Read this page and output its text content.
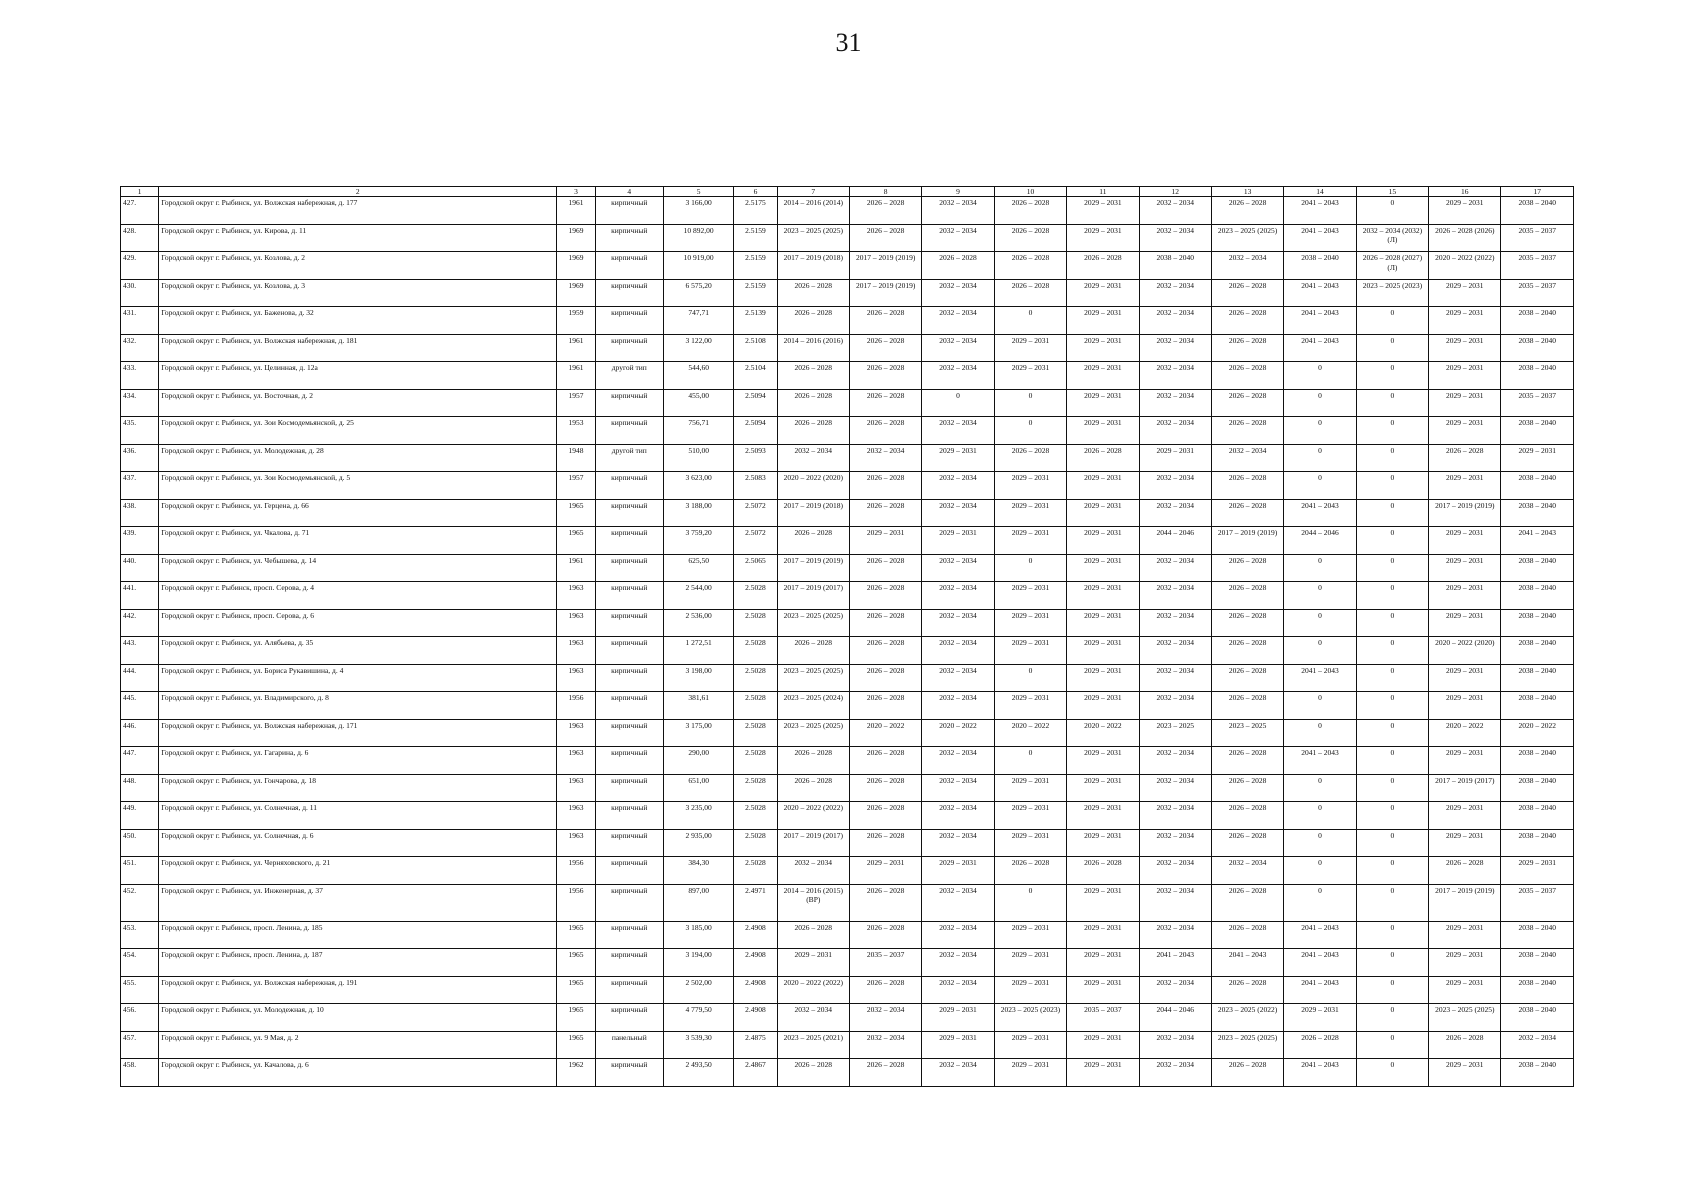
31
1	2	3	4	5	6	7	8	9	10	11	12	13	14	15	16	17
427.	Городской округ г. Рыбинск, ул. Волжская набережная, д. 177	1961	кирпичный	3 166,00	2.5175	2014 – 2016 (2014)	2026 – 2028	2032 – 2034	2026 – 2028	2029 – 2031	2032 – 2034	2026 – 2028	2041 – 2043	0	2029 – 2031	2038 – 2040
428.	Городской округ г. Рыбинск, ул. Кирова, д. 11	1969	кирпичный	10 892,00	2.5159	2023 – 2025 (2025)	2026 – 2028	2032 – 2034	2026 – 2028	2029 – 2031	2032 – 2034	2023 – 2025 (2025)	2041 – 2043	2032 – 2034 (2032) (Л)	2026 – 2028 (2026)	2035 – 2037
429.	Городской округ г. Рыбинск, ул. Козлова, д. 2	1969	кирпичный	10 919,00	2.5159	2017 – 2019 (2018)	2017 – 2019 (2019)	2026 – 2028	2026 – 2028	2026 – 2028	2038 – 2040	2032 – 2034	2038 – 2040	2026 – 2028 (2027) (Л)	2020 – 2022 (2022)	2035 – 2037
430.	Городской округ г. Рыбинск, ул. Козлова, д. 3	1969	кирпичный	6 575,20	2.5159	2026 – 2028	2017 – 2019 (2019)	2032 – 2034	2026 – 2028	2029 – 2031	2032 – 2034	2026 – 2028	2041 – 2043	2023 – 2025 (2023)	2029 – 2031	2035 – 2037
431.	Городской округ г. Рыбинск, ул. Баженова, д. 32	1959	кирпичный	747,71	2.5139	2026 – 2028	2026 – 2028	2032 – 2034	0	2029 – 2031	2032 – 2034	2026 – 2028	2041 – 2043	0	2029 – 2031	2038 – 2040
432.	Городской округ г. Рыбинск, ул. Волжская набережная, д. 181	1961	кирпичный	3 122,00	2.5108	2014 – 2016 (2016)	2026 – 2028	2032 – 2034	2029 – 2031	2029 – 2031	2032 – 2034	2026 – 2028	2041 – 2043	0	2029 – 2031	2038 – 2040
433.	Городской округ г. Рыбинск, ул. Целинная, д. 12а	1961	другой тип	544,60	2.5104	2026 – 2028	2026 – 2028	2032 – 2034	2029 – 2031	2029 – 2031	2032 – 2034	2026 – 2028	0	0	2029 – 2031	2038 – 2040
434.	Городской округ г. Рыбинск, ул. Восточная, д. 2	1957	кирпичный	455,00	2.5094	2026 – 2028	2026 – 2028	0	0	2029 – 2031	2032 – 2034	2026 – 2028	0	0	2029 – 2031	2035 – 2037
435.	Городской округ г. Рыбинск, ул. Зои Космодемьянской, д. 25	1953	кирпичный	756,71	2.5094	2026 – 2028	2026 – 2028	2032 – 2034	0	2029 – 2031	2032 – 2034	2026 – 2028	0	0	2029 – 2031	2038 – 2040
436.	Городской округ г. Рыбинск, ул. Молодежная, д. 28	1948	другой тип	510,00	2.5093	2032 – 2034	2032 – 2034	2029 – 2031	2026 – 2028	2026 – 2028	2029 – 2031	2032 – 2034	0	0	2026 – 2028	2029 – 2031
437.	Городской округ г. Рыбинск, ул. Зои Космодемьянской, д. 5	1957	кирпичный	3 623,00	2.5083	2020 – 2022 (2020)	2026 – 2028	2032 – 2034	2029 – 2031	2029 – 2031	2032 – 2034	2026 – 2028	0	0	2029 – 2031	2038 – 2040
438.	Городской округ г. Рыбинск, ул. Герцена, д. 66	1965	кирпичный	3 188,00	2.5072	2017 – 2019 (2018)	2026 – 2028	2032 – 2034	2029 – 2031	2029 – 2031	2032 – 2034	2026 – 2028	2041 – 2043	0	2017 – 2019 (2019)	2038 – 2040
439.	Городской округ г. Рыбинск, ул. Чкалова, д. 71	1965	кирпичный	3 759,20	2.5072	2026 – 2028	2029 – 2031	2029 – 2031	2029 – 2031	2029 – 2031	2044 – 2046	2017 – 2019 (2019)	2044 – 2046	0	2029 – 2031	2041 – 2043
440.	Городской округ г. Рыбинск, ул. Чебышева, д. 14	1961	кирпичный	625,50	2.5065	2017 – 2019 (2019)	2026 – 2028	2032 – 2034	0	2029 – 2031	2032 – 2034	2026 – 2028	0	0	2029 – 2031	2038 – 2040
441.	Городской округ г. Рыбинск, просп. Серова, д. 4	1963	кирпичный	2 544,00	2.5028	2017 – 2019 (2017)	2026 – 2028	2032 – 2034	2029 – 2031	2029 – 2031	2032 – 2034	2026 – 2028	0	0	2029 – 2031	2038 – 2040
442.	Городской округ г. Рыбинск, просп. Серова, д. 6	1963	кирпичный	2 536,00	2.5028	2023 – 2025 (2025)	2026 – 2028	2032 – 2034	2029 – 2031	2029 – 2031	2032 – 2034	2026 – 2028	0	0	2029 – 2031	2038 – 2040
443.	Городской округ г. Рыбинск, ул. Алябьева, д. 35	1963	кирпичный	1 272,51	2.5028	2026 – 2028	2026 – 2028	2032 – 2034	2029 – 2031	2029 – 2031	2032 – 2034	2026 – 2028	0	0	2020 – 2022 (2020)	2038 – 2040
444.	Городской округ г. Рыбинск, ул. Бориса Рукавишина, д. 4	1963	кирпичный	3 198,00	2.5028	2023 – 2025 (2025)	2026 – 2028	2032 – 2034	0	2029 – 2031	2032 – 2034	2026 – 2028	2041 – 2043	0	2029 – 2031	2038 – 2040
445.	Городской округ г. Рыбинск, ул. Владимирского, д. 8	1956	кирпичный	381,61	2.5028	2023 – 2025 (2024)	2026 – 2028	2032 – 2034	2029 – 2031	2029 – 2031	2032 – 2034	2026 – 2028	0	0	2029 – 2031	2038 – 2040
446.	Городской округ г. Рыбинск, ул. Волжская набережная, д. 171	1963	кирпичный	3 175,00	2.5028	2023 – 2025 (2025)	2020 – 2022	2020 – 2022	2020 – 2022	2020 – 2022	2023 – 2025	2023 – 2025	0	0	2020 – 2022	2020 – 2022
447.	Городской округ г. Рыбинск, ул. Гагарина, д. 6	1963	кирпичный	290,00	2.5028	2026 – 2028	2026 – 2028	2032 – 2034	0	2029 – 2031	2032 – 2034	2026 – 2028	2041 – 2043	0	2029 – 2031	2038 – 2040
448.	Городской округ г. Рыбинск, ул. Гончарова, д. 18	1963	кирпичный	651,00	2.5028	2026 – 2028	2026 – 2028	2032 – 2034	2029 – 2031	2029 – 2031	2032 – 2034	2026 – 2028	0	0	2017 – 2019 (2017)	2038 – 2040
449.	Городской округ г. Рыбинск, ул. Солнечная, д. 11	1963	кирпичный	3 235,00	2.5028	2020 – 2022 (2022)	2026 – 2028	2032 – 2034	2029 – 2031	2029 – 2031	2032 – 2034	2026 – 2028	0	0	2029 – 2031	2038 – 2040
450.	Городской округ г. Рыбинск, ул. Солнечная, д. 6	1963	кирпичный	2 935,00	2.5028	2017 – 2019 (2017)	2026 – 2028	2032 – 2034	2029 – 2031	2029 – 2031	2032 – 2034	2026 – 2028	0	0	2029 – 2031	2038 – 2040
451.	Городской округ г. Рыбинск, ул. Черняховского, д. 21	1956	кирпичный	384,30	2.5028	2032 – 2034	2029 – 2031	2029 – 2031	2026 – 2028	2026 – 2028	2032 – 2034	2032 – 2034	0	0	2026 – 2028	2029 – 2031
452.	Городской округ г. Рыбинск, ул. Инженерная, д. 37	1956	кирпичный	897,00	2.4971	2014 – 2016 (2015) (ВР)	2026 – 2028	2032 – 2034	0	2029 – 2031	2032 – 2034	2026 – 2028	0	0	2017 – 2019 (2019)	2035 – 2037
453.	Городской округ г. Рыбинск, просп. Ленина, д. 185	1965	кирпичный	3 185,00	2.4908	2026 – 2028	2026 – 2028	2032 – 2034	2029 – 2031	2029 – 2031	2032 – 2034	2026 – 2028	2041 – 2043	0	2029 – 2031	2038 – 2040
454.	Городской округ г. Рыбинск, просп. Ленина, д. 187	1965	кирпичный	3 194,00	2.4908	2029 – 2031	2035 – 2037	2032 – 2034	2029 – 2031	2029 – 2031	2041 – 2043	2041 – 2043	2041 – 2043	0	2029 – 2031	2038 – 2040
455.	Городской округ г. Рыбинск, ул. Волжская набережная, д. 191	1965	кирпичный	2 502,00	2.4908	2020 – 2022 (2022)	2026 – 2028	2032 – 2034	2029 – 2031	2029 – 2031	2032 – 2034	2026 – 2028	2041 – 2043	0	2029 – 2031	2038 – 2040
456.	Городской округ г. Рыбинск, ул. Молодежная, д. 10	1965	кирпичный	4 779,50	2.4908	2032 – 2034	2032 – 2034	2029 – 2031	2023 – 2025 (2023)	2035 – 2037	2044 – 2046	2023 – 2025 (2022)	2029 – 2031	0	2023 – 2025 (2025)	2038 – 2040
457.	Городской округ г. Рыбинск, ул. 9 Мая, д. 2	1965	панельный	3 539,30	2.4875	2023 – 2025 (2021)	2032 – 2034	2029 – 2031	2029 – 2031	2029 – 2031	2032 – 2034	2023 – 2025 (2025)	2026 – 2028	0	2026 – 2028	2032 – 2034
458.	Городской округ г. Рыбинск, ул. Качалова, д. 6	1962	кирпичный	2 493,50	2.4867	2026 – 2028	2026 – 2028	2032 – 2034	2029 – 2031	2029 – 2031	2032 – 2034	2026 – 2028	2041 – 2043	0	2029 – 2031	2038 – 2040
